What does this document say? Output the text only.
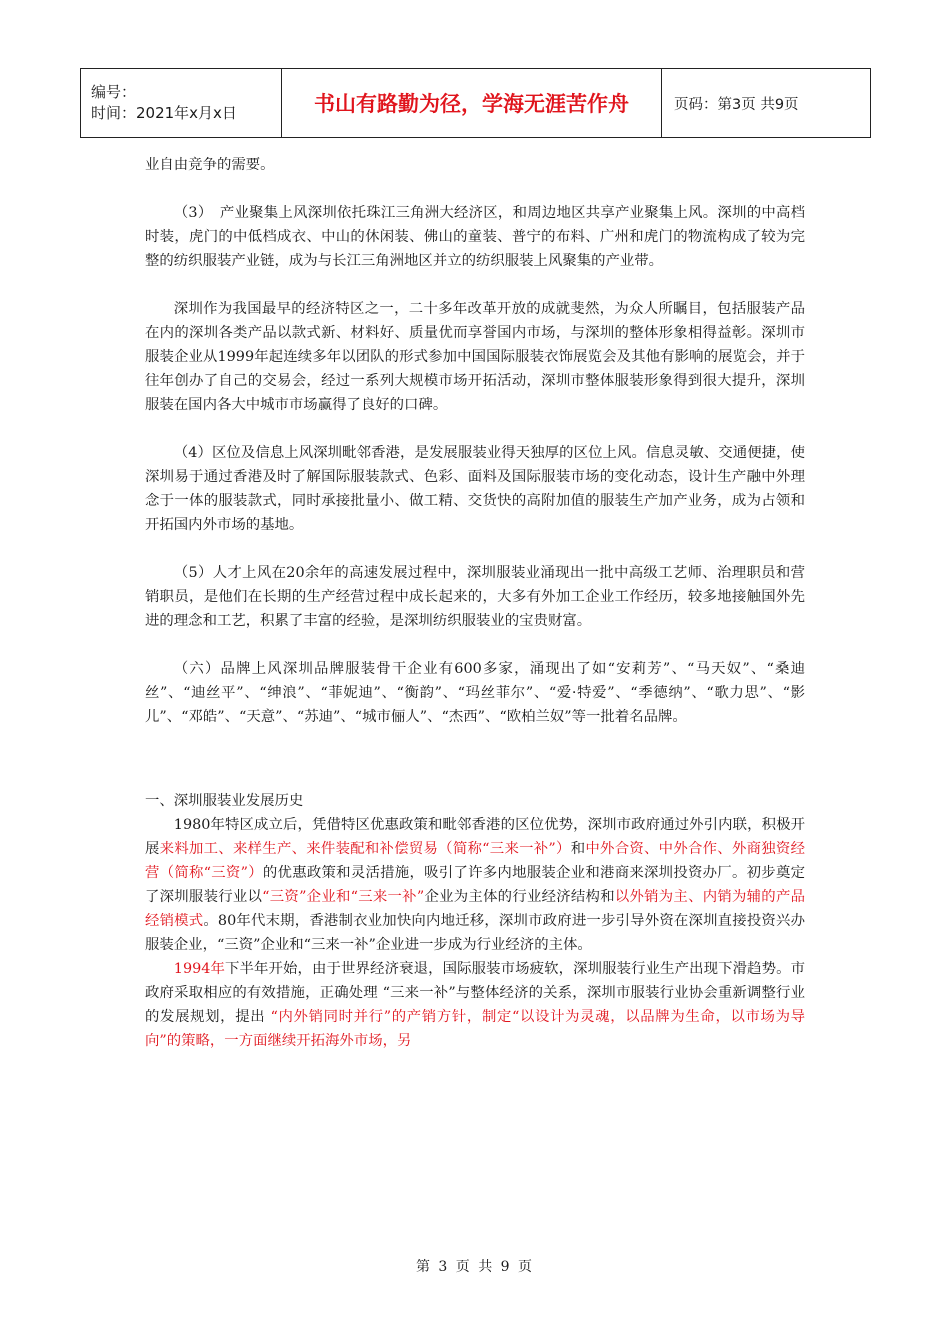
编号：
时间：2021年x月x日	书山有路勤为径，学海无涯苦作舟	页码：第3页 共9页

业自由竞争的需要。

（3）　产业聚集上风深圳依托珠江三角洲大经济区，和周边地区共享产业聚集上风。深圳的中高档时装，虎门的中低档成衣、中山的休闲装、佛山的童装、普宁的布料、广州和虎门的物流构成了较为完整的纺织服装产业链，成为与长江三角洲地区并立的纺织服装上风聚集的产业带。

深圳作为我国最早的经济特区之一，二十多年改革开放的成就斐然，为众人所瞩目，包括服装产品在内的深圳各类产品以款式新、材料好、质量优而享誉国内市场，与深圳的整体形象相得益彰。深圳市服装企业从1999年起连续多年以团队的形式参加中国国际服装衣饰展览会及其他有影响的展览会，并于往年创办了自己的交易会，经过一系列大规模市场开拓活动，深圳市整体服装形象得到很大提升，深圳服装在国内各大中城市市场赢得了良好的口碑。

（4）区位及信息上风深圳毗邻香港，是发展服装业得天独厚的区位上风。信息灵敏、交通便捷，使深圳易于通过香港及时了解国际服装款式、色彩、面料及国际服装市场的变化动态，设计生产融中外理念于一体的服装款式，同时承接批量小、做工精、交货快的高附加值的服装生产加产业务，成为占领和开拓国内外市场的基地。

（5）人才上风在20余年的高速发展过程中，深圳服装业涌现出一批中高级工艺师、治理职员和营销职员，是他们在长期的生产经营过程中成长起来的，大多有外加工企业工作经历，较多地接触国外先进的理念和工艺，积累了丰富的经验，是深圳纺织服装业的宝贵财富。

（六）品牌上风深圳品牌服装骨干企业有600多家，涌现出了如“安莉芳”、“马天奴”、“桑迪丝”、“迪丝平”、“绅浪”、“菲妮迪”、“衡韵”、“玛丝菲尔”、“爱·特爱”、“季德纳”、“歌力思”、“影儿”、“邓皓”、“天意”、“苏迪”、“城市俪人”、“杰西”、“欧柏兰奴”等一批着名品牌。

一、深圳服装业发展历史

1980年特区成立后，凭借特区优惠政策和毗邻香港的区位优势，深圳市政府通过外引内联，积极开展来料加工、来样生产、来件装配和补偿贸易（简称“三来一补”）和中外合资、中外合作、外商独资经营（简称“三资”）的优惠政策和灵活措施，吸引了许多内地服装企业和港商来深圳投资办厂。初步奠定了深圳服装行业以“三资”企业和“三来一补”企业为主体的行业经济结构和以外销为主、内销为辅的产品经销模式。80年代末期，香港制衣业加快向内地迁移，深圳市政府进一步引导外资在深圳直接投资兴办服装企业，“三资”企业和“三来一补”企业进一步成为行业经济的主体。

1994年下半年开始，由于世界经济衰退，国际服装市场疲软，深圳服装行业生产出现下滑趋势。市政府采取相应的有效措施，正确处理 “三来一补”与整体经济的关系，深圳市服装行业协会重新调整行业的发展规划，提出 “内外销同时并行”的产销方针，制定“以设计为灵魂，以品牌为生命，以市场为导向”的策略，一方面继续开拓海外市场，另

第 3 页 共 9 页
